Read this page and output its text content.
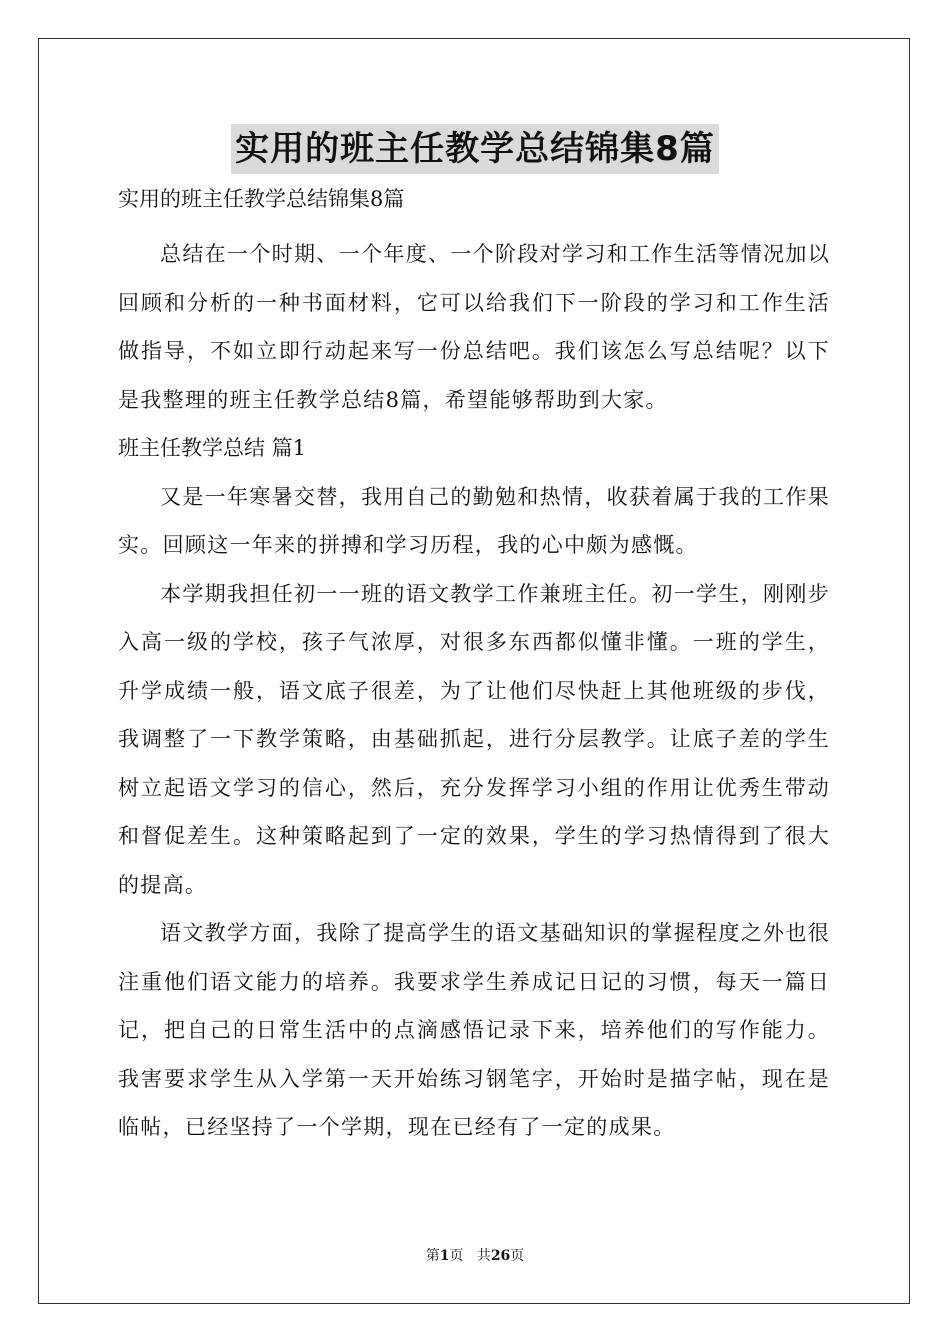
实用的班主任教学总结锦集8篇

实用的班主任教学总结锦集8篇

总结在一个时期、一个年度、一个阶段对学习和工作生活等情况加以回顾和分析的一种书面材料，它可以给我们下一阶段的学习和工作生活做指导，不如立即行动起来写一份总结吧。我们该怎么写总结呢？以下是我整理的班主任教学总结8篇，希望能够帮助到大家。

班主任教学总结 篇1

又是一年寒暑交替，我用自己的勤勉和热情，收获着属于我的工作果实。回顾这一年来的拼搏和学习历程，我的心中颇为感慨。

本学期我担任初一一班的语文教学工作兼班主任。初一学生，刚刚步入高一级的学校，孩子气浓厚，对很多东西都似懂非懂。一班的学生，升学成绩一般，语文底子很差，为了让他们尽快赶上其他班级的步伐，我调整了一下教学策略，由基础抓起，进行分层教学。让底子差的学生树立起语文学习的信心，然后，充分发挥学习小组的作用让优秀生带动和督促差生。这种策略起到了一定的效果，学生的学习热情得到了很大的提高。

语文教学方面，我除了提高学生的语文基础知识的掌握程度之外也很注重他们语文能力的培养。我要求学生养成记日记的习惯，每天一篇日记，把自己的日常生活中的点滴感悟记录下来，培养他们的写作能力。我害要求学生从入学第一天开始练习钢笔字，开始时是描字帖，现在是临帖，已经坚持了一个学期，现在已经有了一定的成果。

第1页 共26页
